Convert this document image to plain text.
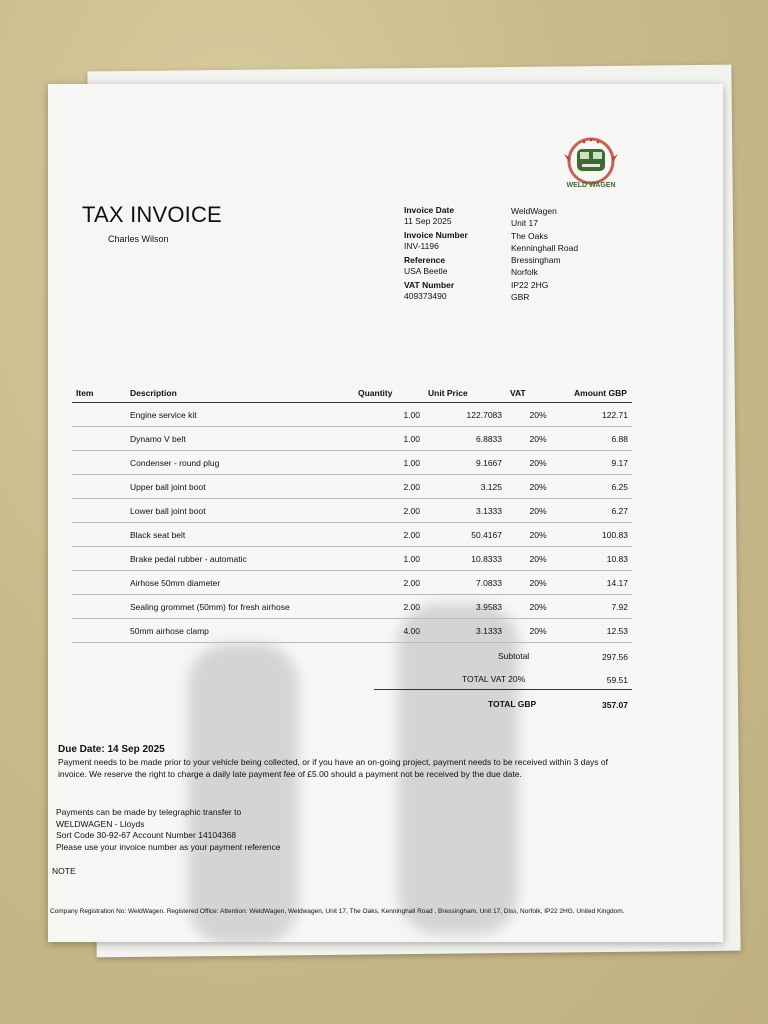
WELD WAGEN
TAX INVOICE
Charles Wilson
Invoice Date
11 Sep 2025
Invoice Number
INV-1196
Reference
USA Beetle
VAT Number
409373490
WeldWagen
Unit 17
The Oaks
Kenninghall Road
Bressingham
Norfolk
IP22 2HG
GBR
Item	Description	Quantity	Unit Price	VAT	Amount GBP
	Engine service kit	1.00	122.7083	20%	122.71
	Dynamo V belt	1.00	6.8833	20%	6.88
	Condenser - round plug	1.00	9.1667	20%	9.17
	Upper ball joint boot	2.00	3.125	20%	6.25
	Lower ball joint boot	2.00	3.1333	20%	6.27
	Black seat belt	2.00	50.4167	20%	100.83
	Brake pedal rubber - automatic	1.00	10.8333	20%	10.83
	Airhose 50mm diameter	2.00	7.0833	20%	14.17
	Sealing grommet (50mm) for fresh airhose	2.00	3.9583	20%	7.92
	50mm airhose clamp	4.00	3.1333	20%	12.53
Subtotal	297.56
TOTAL VAT 20%	59.51
TOTAL GBP	357.07
Due Date: 14 Sep 2025
Payment needs to be made prior to your vehicle being collected, or if you have an on-going project, payment needs to be received within 3 days of invoice. We reserve the right to charge a daily late payment fee of £5.00 should a payment not be received by the due date.
Payments can be made by telegraphic transfer to
WELDWAGEN - Lloyds
Sort Code 30-92-67 Account Number 14104368
Please use your invoice number as your payment reference
NOTE
Company Registration No: WeldWagen. Registered Office: Attention: WeldWagen, Weldwagen, Unit 17, The Oaks, Kenninghall Road , Bressingham, Unit 17, Diss, Norfolk, IP22 2HG, United Kingdom.
